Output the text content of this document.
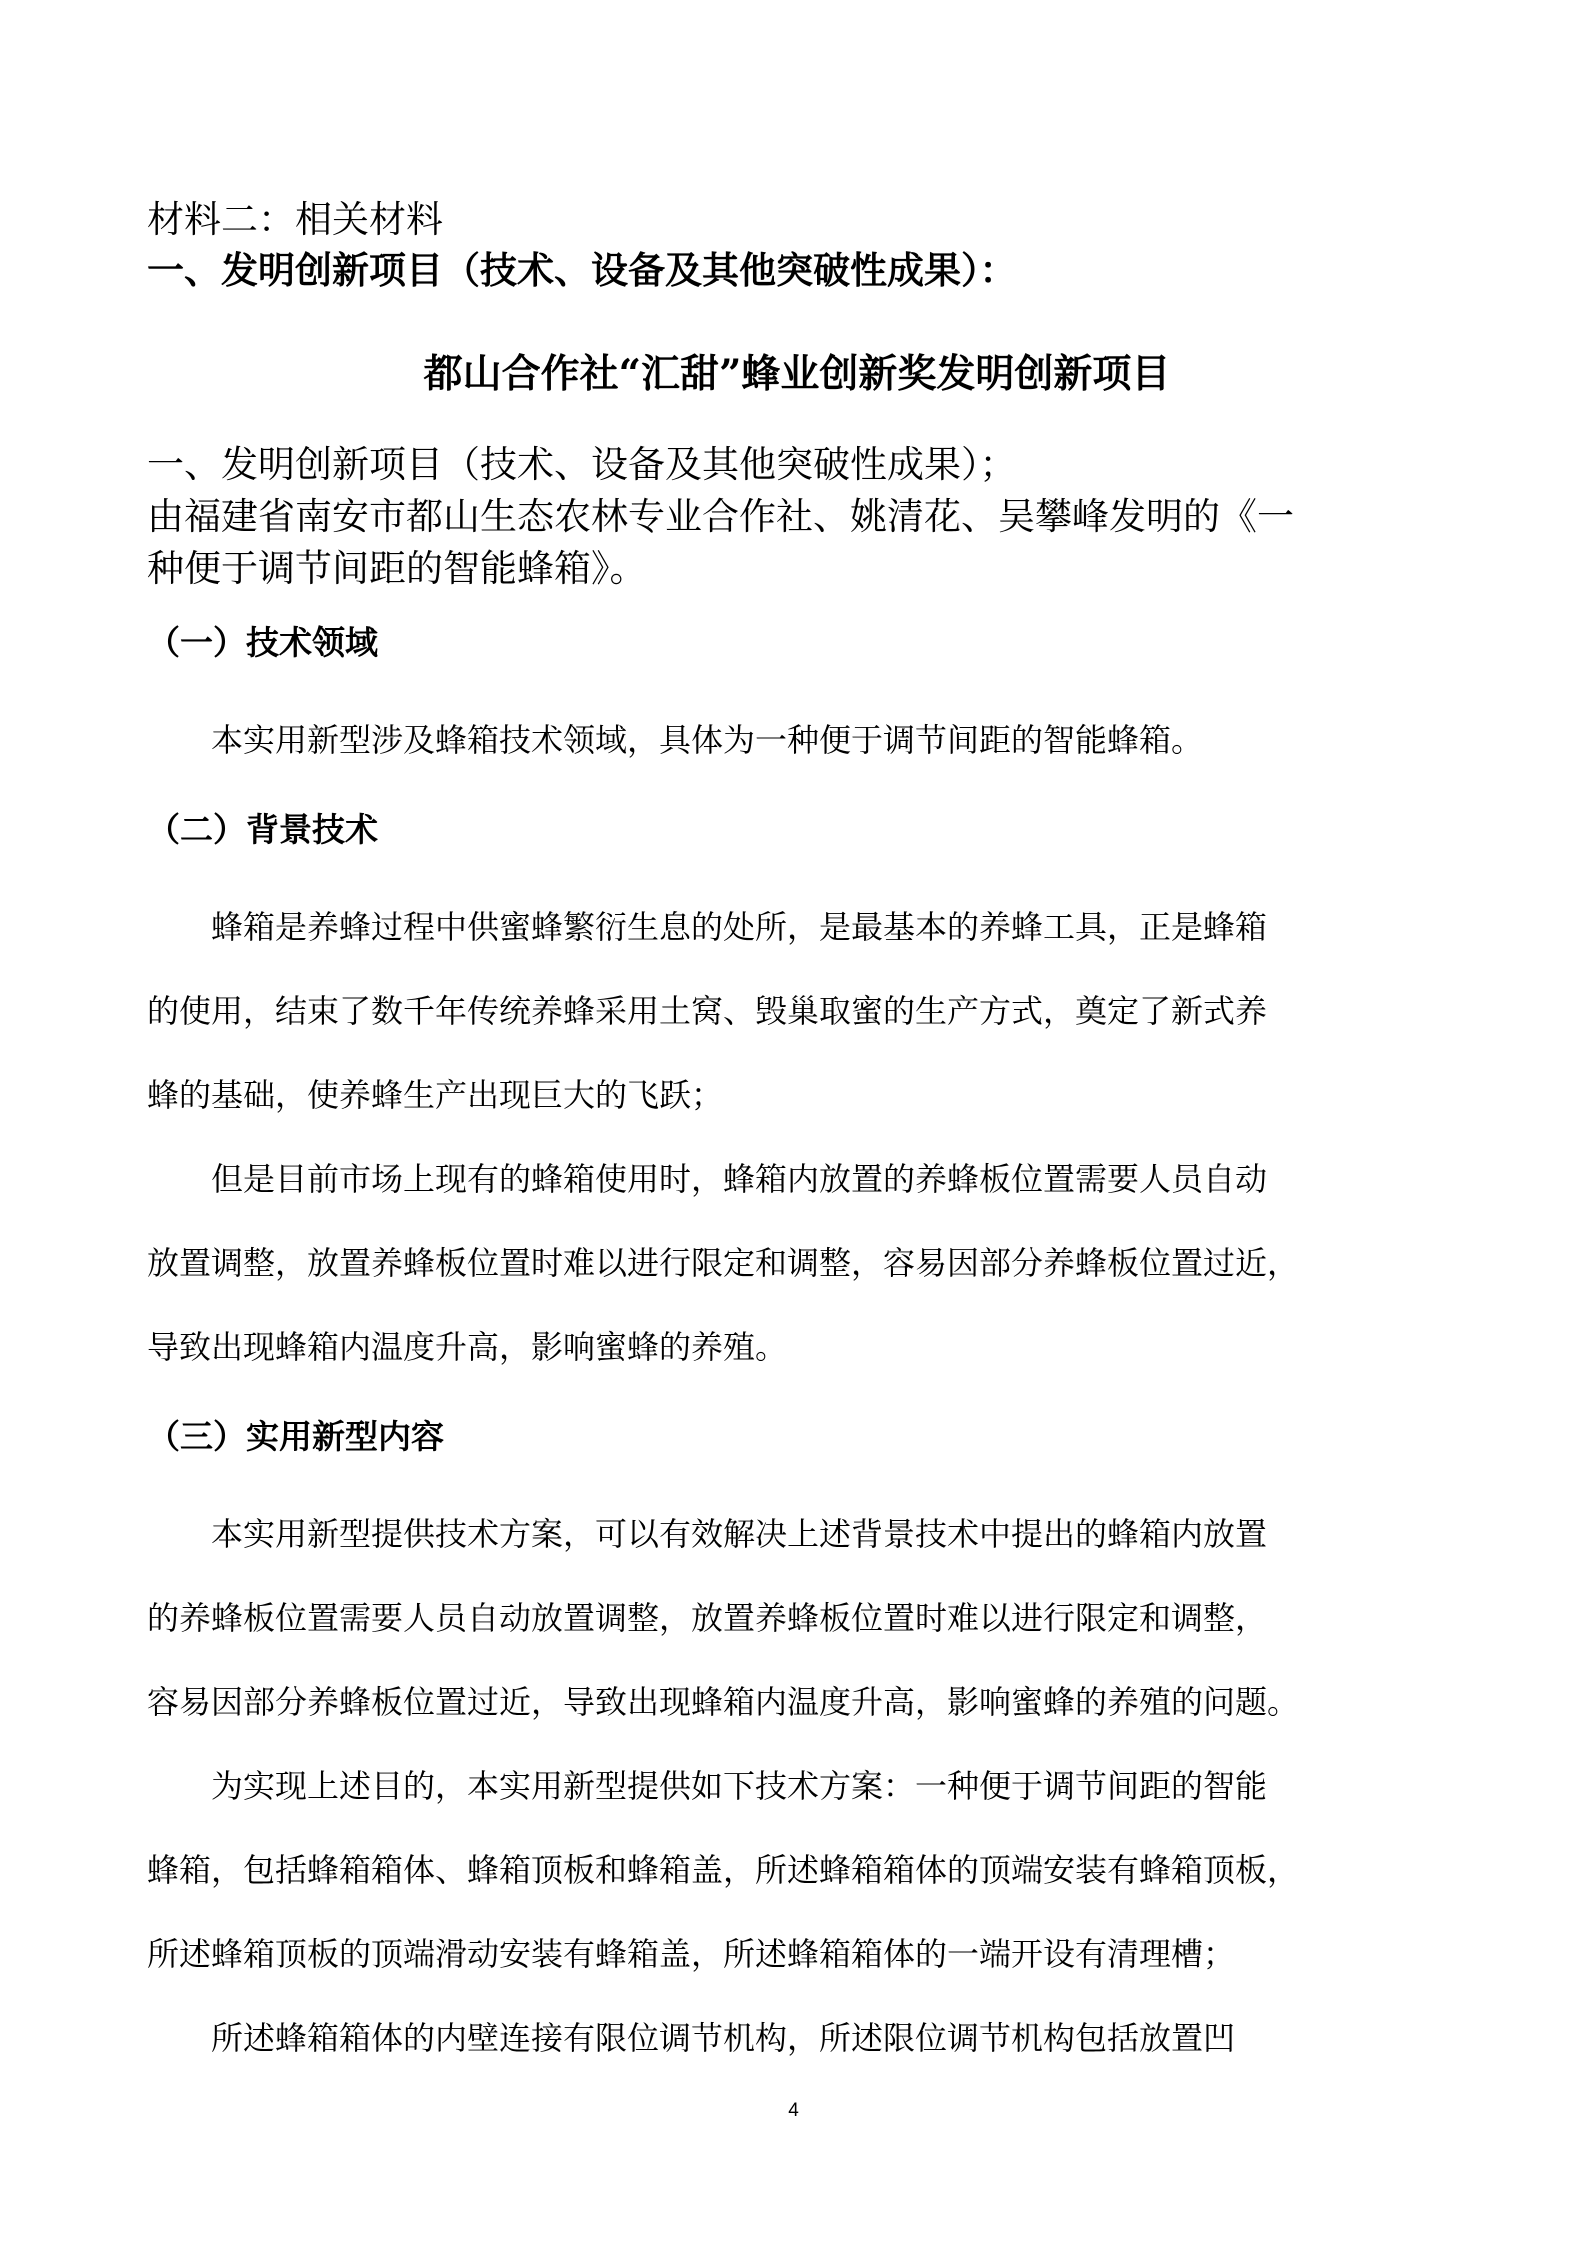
材料二：相关材料

一、发明创新项目（技术、设备及其他突破性成果）：

都山合作社“汇甜”蜂业创新奖发明创新项目

一、发明创新项目（技术、设备及其他突破性成果）；

由福建省南安市都山生态农林专业合作社、姚清花、吴攀峰发明的《一

种便于调节间距的智能蜂箱》。

（一）技术领域

本实用新型涉及蜂箱技术领域，具体为一种便于调节间距的智能蜂箱。

（二）背景技术

蜂箱是养蜂过程中供蜜蜂繁衍生息的处所，是最基本的养蜂工具，正是蜂箱
的使用，结束了数千年传统养蜂采用土窝、毁巢取蜜的生产方式，奠定了新式养
蜂的基础，使养蜂生产出现巨大的飞跃；

但是目前市场上现有的蜂箱使用时，蜂箱内放置的养蜂板位置需要人员自动
放置调整，放置养蜂板位置时难以进行限定和调整，容易因部分养蜂板位置过近，
导致出现蜂箱内温度升高，影响蜜蜂的养殖。

（三）实用新型内容

本实用新型提供技术方案，可以有效解决上述背景技术中提出的蜂箱内放置
的养蜂板位置需要人员自动放置调整，放置养蜂板位置时难以进行限定和调整，
容易因部分养蜂板位置过近，导致出现蜂箱内温度升高，影响蜜蜂的养殖的问题。

为实现上述目的，本实用新型提供如下技术方案：一种便于调节间距的智能
蜂箱，包括蜂箱箱体、蜂箱顶板和蜂箱盖，所述蜂箱箱体的顶端安装有蜂箱顶板，
所述蜂箱顶板的顶端滑动安装有蜂箱盖，所述蜂箱箱体的一端开设有清理槽；

所述蜂箱箱体的内壁连接有限位调节机构，所述限位调节机构包括放置凹

4
